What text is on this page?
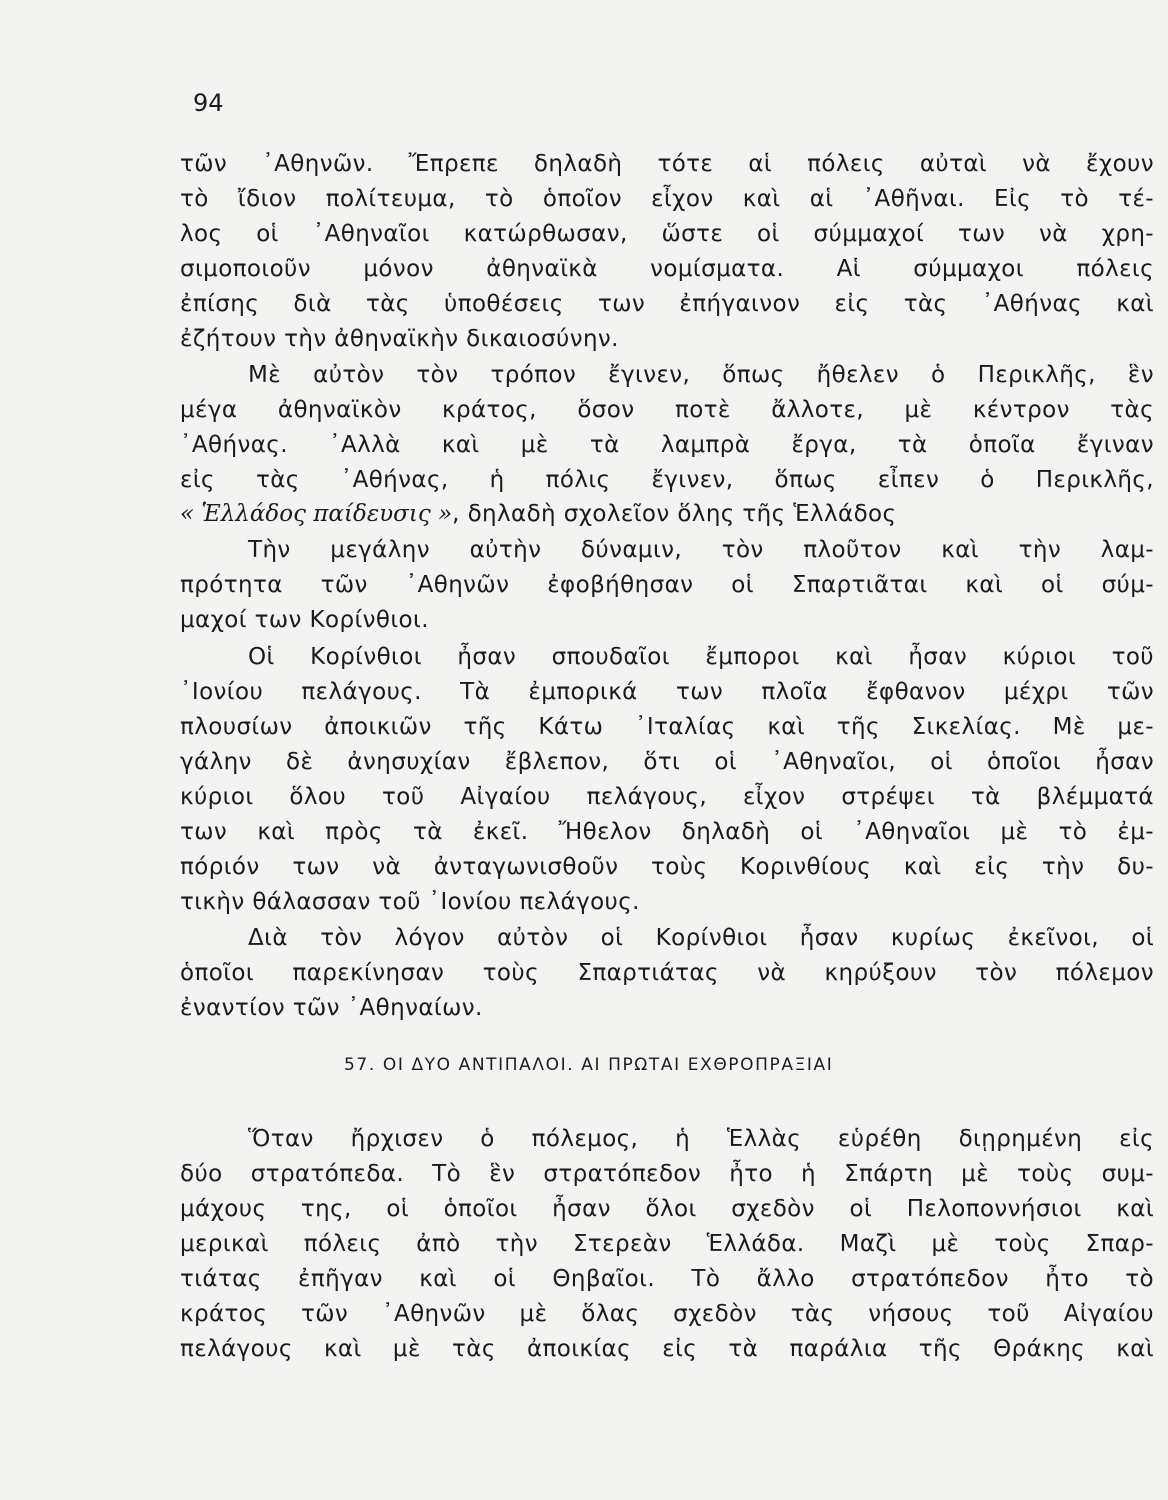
94
τῶν ᾿Αθηνῶν. Ἔπρεπε δηλαδὴ τότε αἱ πόλεις αὐταὶ νὰ ἔχουν
τὸ ἴδιον πολίτευμα, τὸ ὁποῖον εἶχον καὶ αἱ ᾿Αθῆναι. Εἰς τὸ τέ-
λος οἱ ᾿Αθηναῖοι κατώρθωσαν, ὥστε οἱ σύμμαχοί των νὰ χρη-
σιμοποιοῦν μόνον ἀθηναϊκὰ νομίσματα. Αἱ σύμμαχοι πόλεις
ἐπίσης διὰ τὰς ὑποθέσεις των ἐπήγαινον εἰς τὰς ᾿Αθήνας καὶ
ἐζήτουν τὴν ἀθηναϊκὴν δικαιοσύνην.
Μὲ αὐτὸν τὸν τρόπον ἔγινεν, ὅπως ἤθελεν ὁ Περικλῆς, ἓν
μέγα ἀθηναϊκὸν κράτος, ὅσον ποτὲ ἄλλοτε, μὲ κέντρον τὰς
᾿Αθήνας. ᾿Αλλὰ καὶ μὲ τὰ λαμπρὰ ἔργα, τὰ ὁποῖα ἔγιναν
εἰς τὰς ᾿Αθήνας, ἡ πόλις ἔγινεν, ὅπως εἶπεν ὁ Περικλῆς,
« Ἑλλάδος παίδευσις », δηλαδὴ σχολεῖον ὅλης τῆς Ἑλλάδος
Τὴν μεγάλην αὐτὴν δύναμιν, τὸν πλοῦτον καὶ τὴν λαμ-
πρότητα τῶν ᾿Αθηνῶν ἐφοβήθησαν οἱ Σπαρτιᾶται καὶ οἱ σύμ-
μαχοί των Κορίνθιοι.
Οἱ Κορίνθιοι ἦσαν σπουδαῖοι ἔμποροι καὶ ἦσαν κύριοι τοῦ
᾿Ιονίου πελάγους. Τὰ ἐμπορικά των πλοῖα ἔφθανον μέχρι τῶν
πλουσίων ἀποικιῶν τῆς Κάτω ᾿Ιταλίας καὶ τῆς Σικελίας. Μὲ με-
γάλην δὲ ἀνησυχίαν ἔβλεπον, ὅτι οἱ ᾿Αθηναῖοι, οἱ ὁποῖοι ἦσαν
κύριοι ὅλου τοῦ Αἰγαίου πελάγους, εἶχον στρέψει τὰ βλέμματά
των καὶ πρὸς τὰ ἐκεῖ. Ἤθελον δηλαδὴ οἱ ᾿Αθηναῖοι μὲ τὸ ἐμ-
πόριόν των νὰ ἀνταγωνισθοῦν τοὺς Κορινθίους καὶ εἰς τὴν δυ-
τικὴν θάλασσαν τοῦ ᾿Ιονίου πελάγους.
Διὰ τὸν λόγον αὐτὸν οἱ Κορίνθιοι ἦσαν κυρίως ἐκεῖνοι, οἱ
ὁποῖοι παρεκίνησαν τοὺς Σπαρτιάτας νὰ κηρύξουν τὸν πόλεμον
ἐναντίον τῶν ᾿Αθηναίων.
57. ΟΙ ΔΥΟ ΑΝΤΙΠΑΛΟΙ. ΑΙ ΠΡΩΤΑΙ ΕΧΘΡΟΠΡΑΞΙΑΙ
Ὅταν ἤρχισεν ὁ πόλεμος, ἡ Ἑλλὰς εὑρέθη διῃρημένη εἰς
δύο στρατόπεδα. Τὸ ἓν στρατόπεδον ἦτο ἡ Σπάρτη μὲ τοὺς συμ-
μάχους της, οἱ ὁποῖοι ἦσαν ὅλοι σχεδὸν οἱ Πελοποννήσιοι καὶ
μερικαὶ πόλεις ἀπὸ τὴν Στερεὰν Ἑλλάδα. Μαζὶ μὲ τοὺς Σπαρ-
τιάτας ἐπῆγαν καὶ οἱ Θηβαῖοι. Τὸ ἄλλο στρατόπεδον ἦτο τὸ
κράτος τῶν ᾿Αθηνῶν μὲ ὅλας σχεδὸν τὰς νήσους τοῦ Αἰγαίου
πελάγους καὶ μὲ τὰς ἀποικίας εἰς τὰ παράλια τῆς Θράκης καὶ
